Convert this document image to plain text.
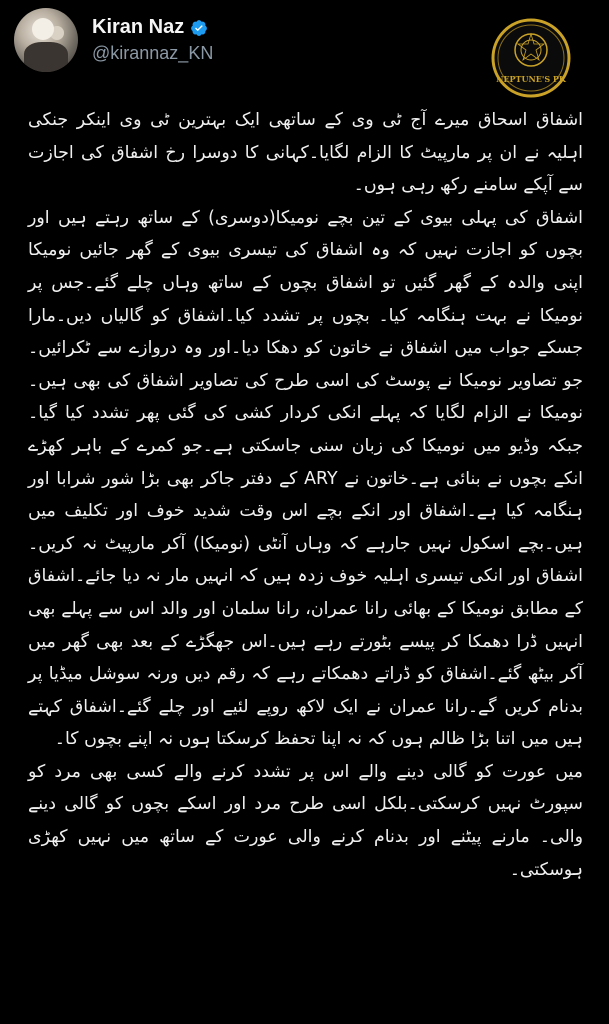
Kiran Naz
@kirannaz_KN
NEPTUNE'S PK

اشفاق اسحاق میرے آج ٹی وی کے ساتھی ایک بہترین ٹی وی اینکر جنکی اہلیہ نے ان پر مارپیٹ کا الزام لگایا۔کہانی کا دوسرا رخ اشفاق کی اجازت سے آپکے سامنے رکھ رہی ہوں۔

اشفاق کی پہلی بیوی کے تین بچے نومیکا(دوسری) کے ساتھ رہتے ہیں اور بچوں کو اجازت نہیں کہ وہ اشفاق کی تیسری بیوی کے گھر جائیں نومیکا اپنی والدہ کے گھر گئیں تو اشفاق بچوں کے ساتھ وہاں چلے گئے۔جس پر نومیکا نے بہت ہنگامہ کیا۔ بچوں پر تشدد کیا۔اشفاق کو گالیاں دیں۔مارا جسکے جواب میں اشفاق نے خاتون کو دھکا دیا۔اور وہ دروازے سے ٹکرائیں۔جو تصاویر نومیکا نے پوسٹ کی اسی طرح کی تصاویر اشفاق کی بھی ہیں۔نومیکا نے الزام لگایا کہ پہلے انکی کردار کشی کی گئی پھر تشدد کیا گیا۔جبکہ وڈیو میں نومیکا کی زبان سنی جاسکتی ہے۔جو کمرے کے باہر کھڑے انکے بچوں نے بنائی ہے۔خاتون نے ARY کے دفتر جاکر بھی بڑا شور شرابا اور ہنگامہ کیا ہے۔اشفاق اور انکے بچے اس وقت شدید خوف اور تکلیف میں ہیں۔بچے اسکول نہیں جارہے کہ وہاں آنٹی (نومیکا) آکر مارپیٹ نہ کریں۔اشفاق اور انکی تیسری اہلیہ خوف زدہ ہیں کہ انہیں مار نہ دیا جائے۔اشفاق کے مطابق نومیکا کے بھائی رانا عمران، رانا سلمان اور والد اس سے پہلے بھی انہیں ڈرا دھمکا کر پیسے بٹورتے رہے ہیں۔اس جھگڑے کے بعد بھی گھر میں آکر بیٹھ گئے۔اشفاق کو ڈراتے دھمکاتے رہے کہ رقم دیں ورنہ سوشل میڈیا پر بدنام کریں گے۔رانا عمران نے ایک لاکھ روپے لئیے اور چلے گئے۔اشفاق کہتے ہیں میں اتنا بڑا ظالم ہوں کہ نہ اپنا تحفظ کرسکتا ہوں نہ اپنے بچوں کا۔

میں عورت کو گالی دینے والے اس پر تشدد کرنے والے کسی بھی مرد کو سپورٹ نہیں کرسکتی۔بلکل اسی طرح مرد اور اسکے بچوں کو گالی دینے والی۔ مارنے پیٹنے اور بدنام کرنے والی عورت کے ساتھ میں نہیں کھڑی ہوسکتی۔
